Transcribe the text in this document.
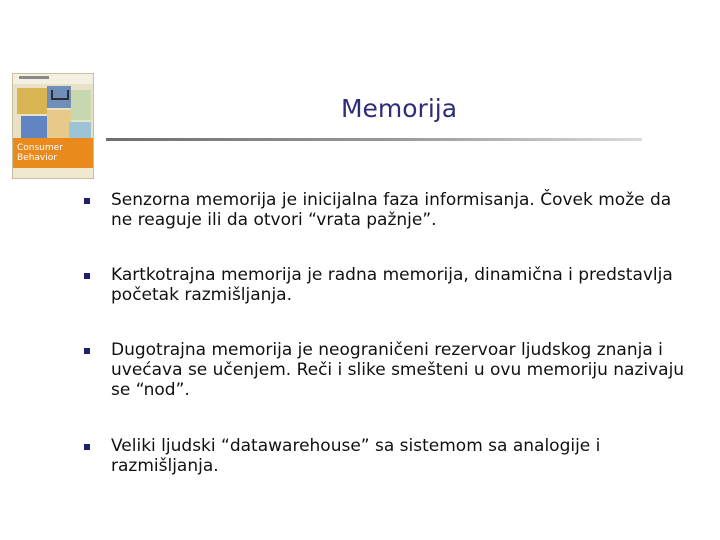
Consumer
Behavior
Memorija
Senzorna memorija je inicijalna faza informisanja. Čovek može da ne reaguje ili da otvori “vrata pažnje”.
Kartkotrajna memorija je radna memorija, dinamična i predstavlja početak razmišljanja.
Dugotrajna memorija je neograničeni rezervoar ljudskog znanja i uvećava se učenjem. Reči i slike smešteni u ovu memoriju nazivaju se “nod”.
Veliki ljudski “datawarehouse” sa sistemom sa analogije i razmišljanja.
